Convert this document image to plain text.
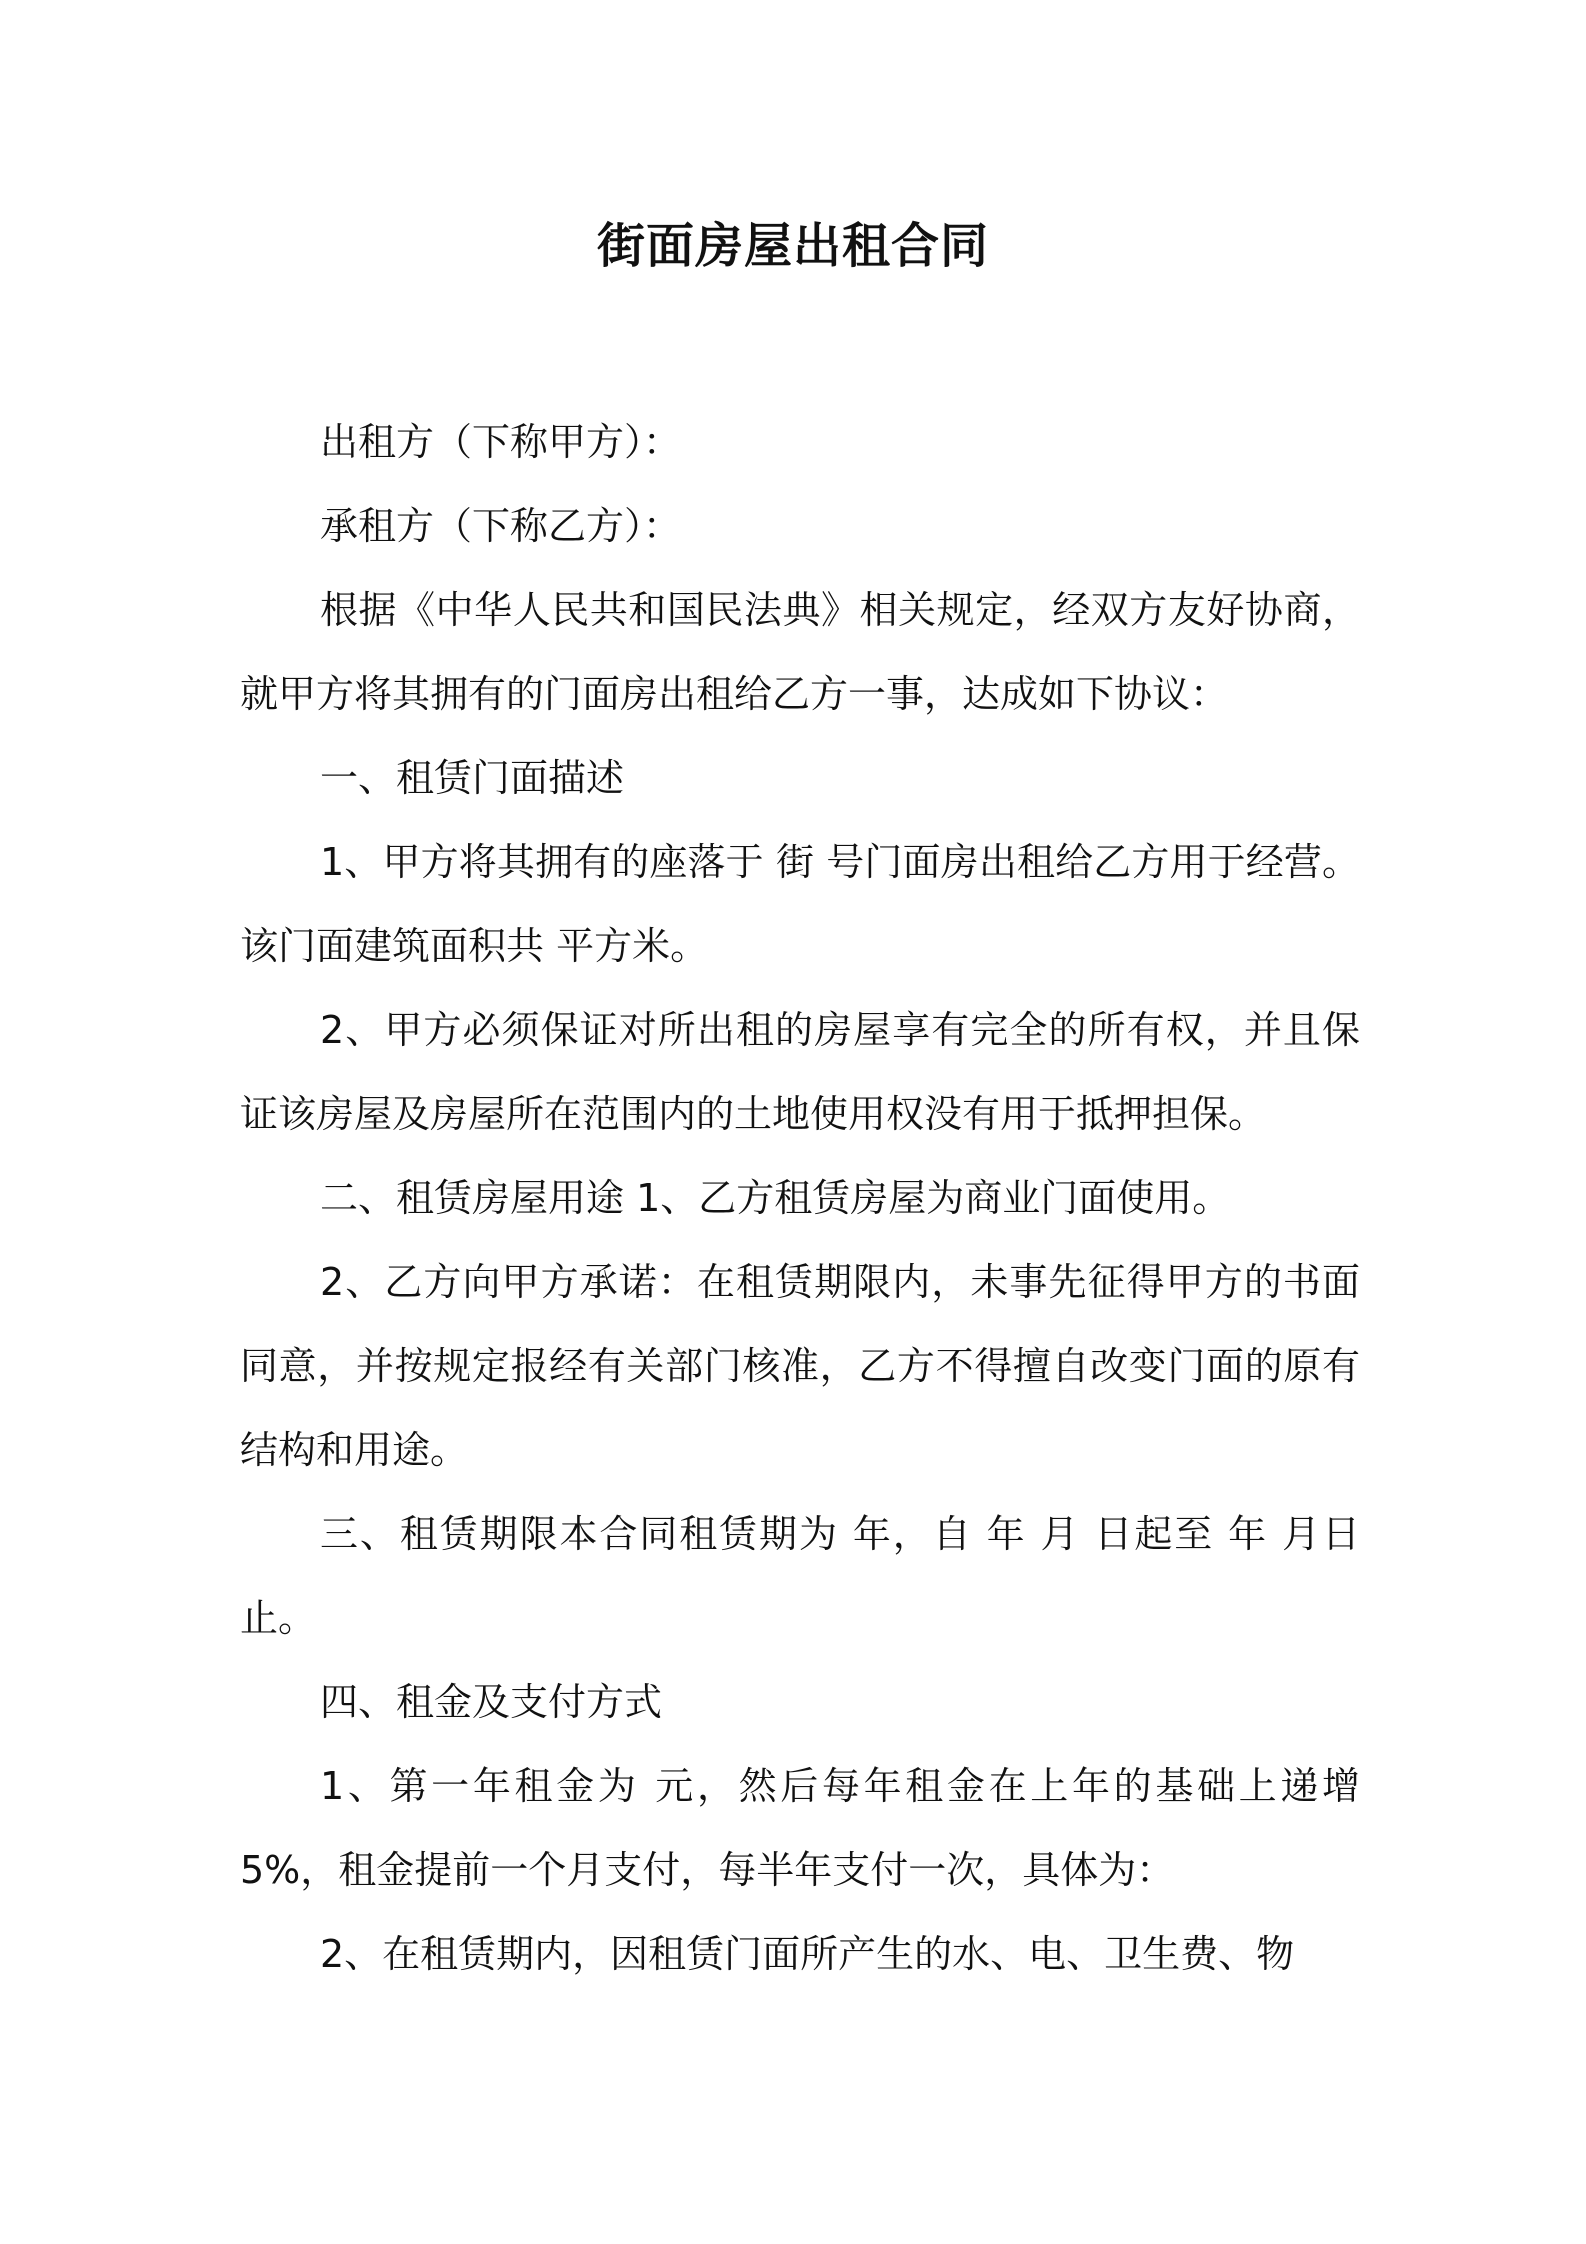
街面房屋出租合同

出租方（下称甲方）：

承租方（下称乙方）：

根据《中华人民共和国民法典》相关规定，经双方友好协商，就甲方将其拥有的门面房出租给乙方一事，达成如下协议：

一、租赁门面描述

1、甲方将其拥有的座落于 街 号门面房出租给乙方用于经营。该门面建筑面积共 平方米。

2、甲方必须保证对所出租的房屋享有完全的所有权，并且保证该房屋及房屋所在范围内的土地使用权没有用于抵押担保。

二、租赁房屋用途 1、乙方租赁房屋为商业门面使用。

2、乙方向甲方承诺：在租赁期限内，未事先征得甲方的书面同意，并按规定报经有关部门核准，乙方不得擅自改变门面的原有结构和用途。

三、租赁期限本合同租赁期为 年，自 年 月 日起至 年 月日止。

四、租金及支付方式

1、第一年租金为 元，然后每年租金在上年的基础上递增5%，租金提前一个月支付，每半年支付一次，具体为：

2、在租赁期内，因租赁门面所产生的水、电、卫生费、物
